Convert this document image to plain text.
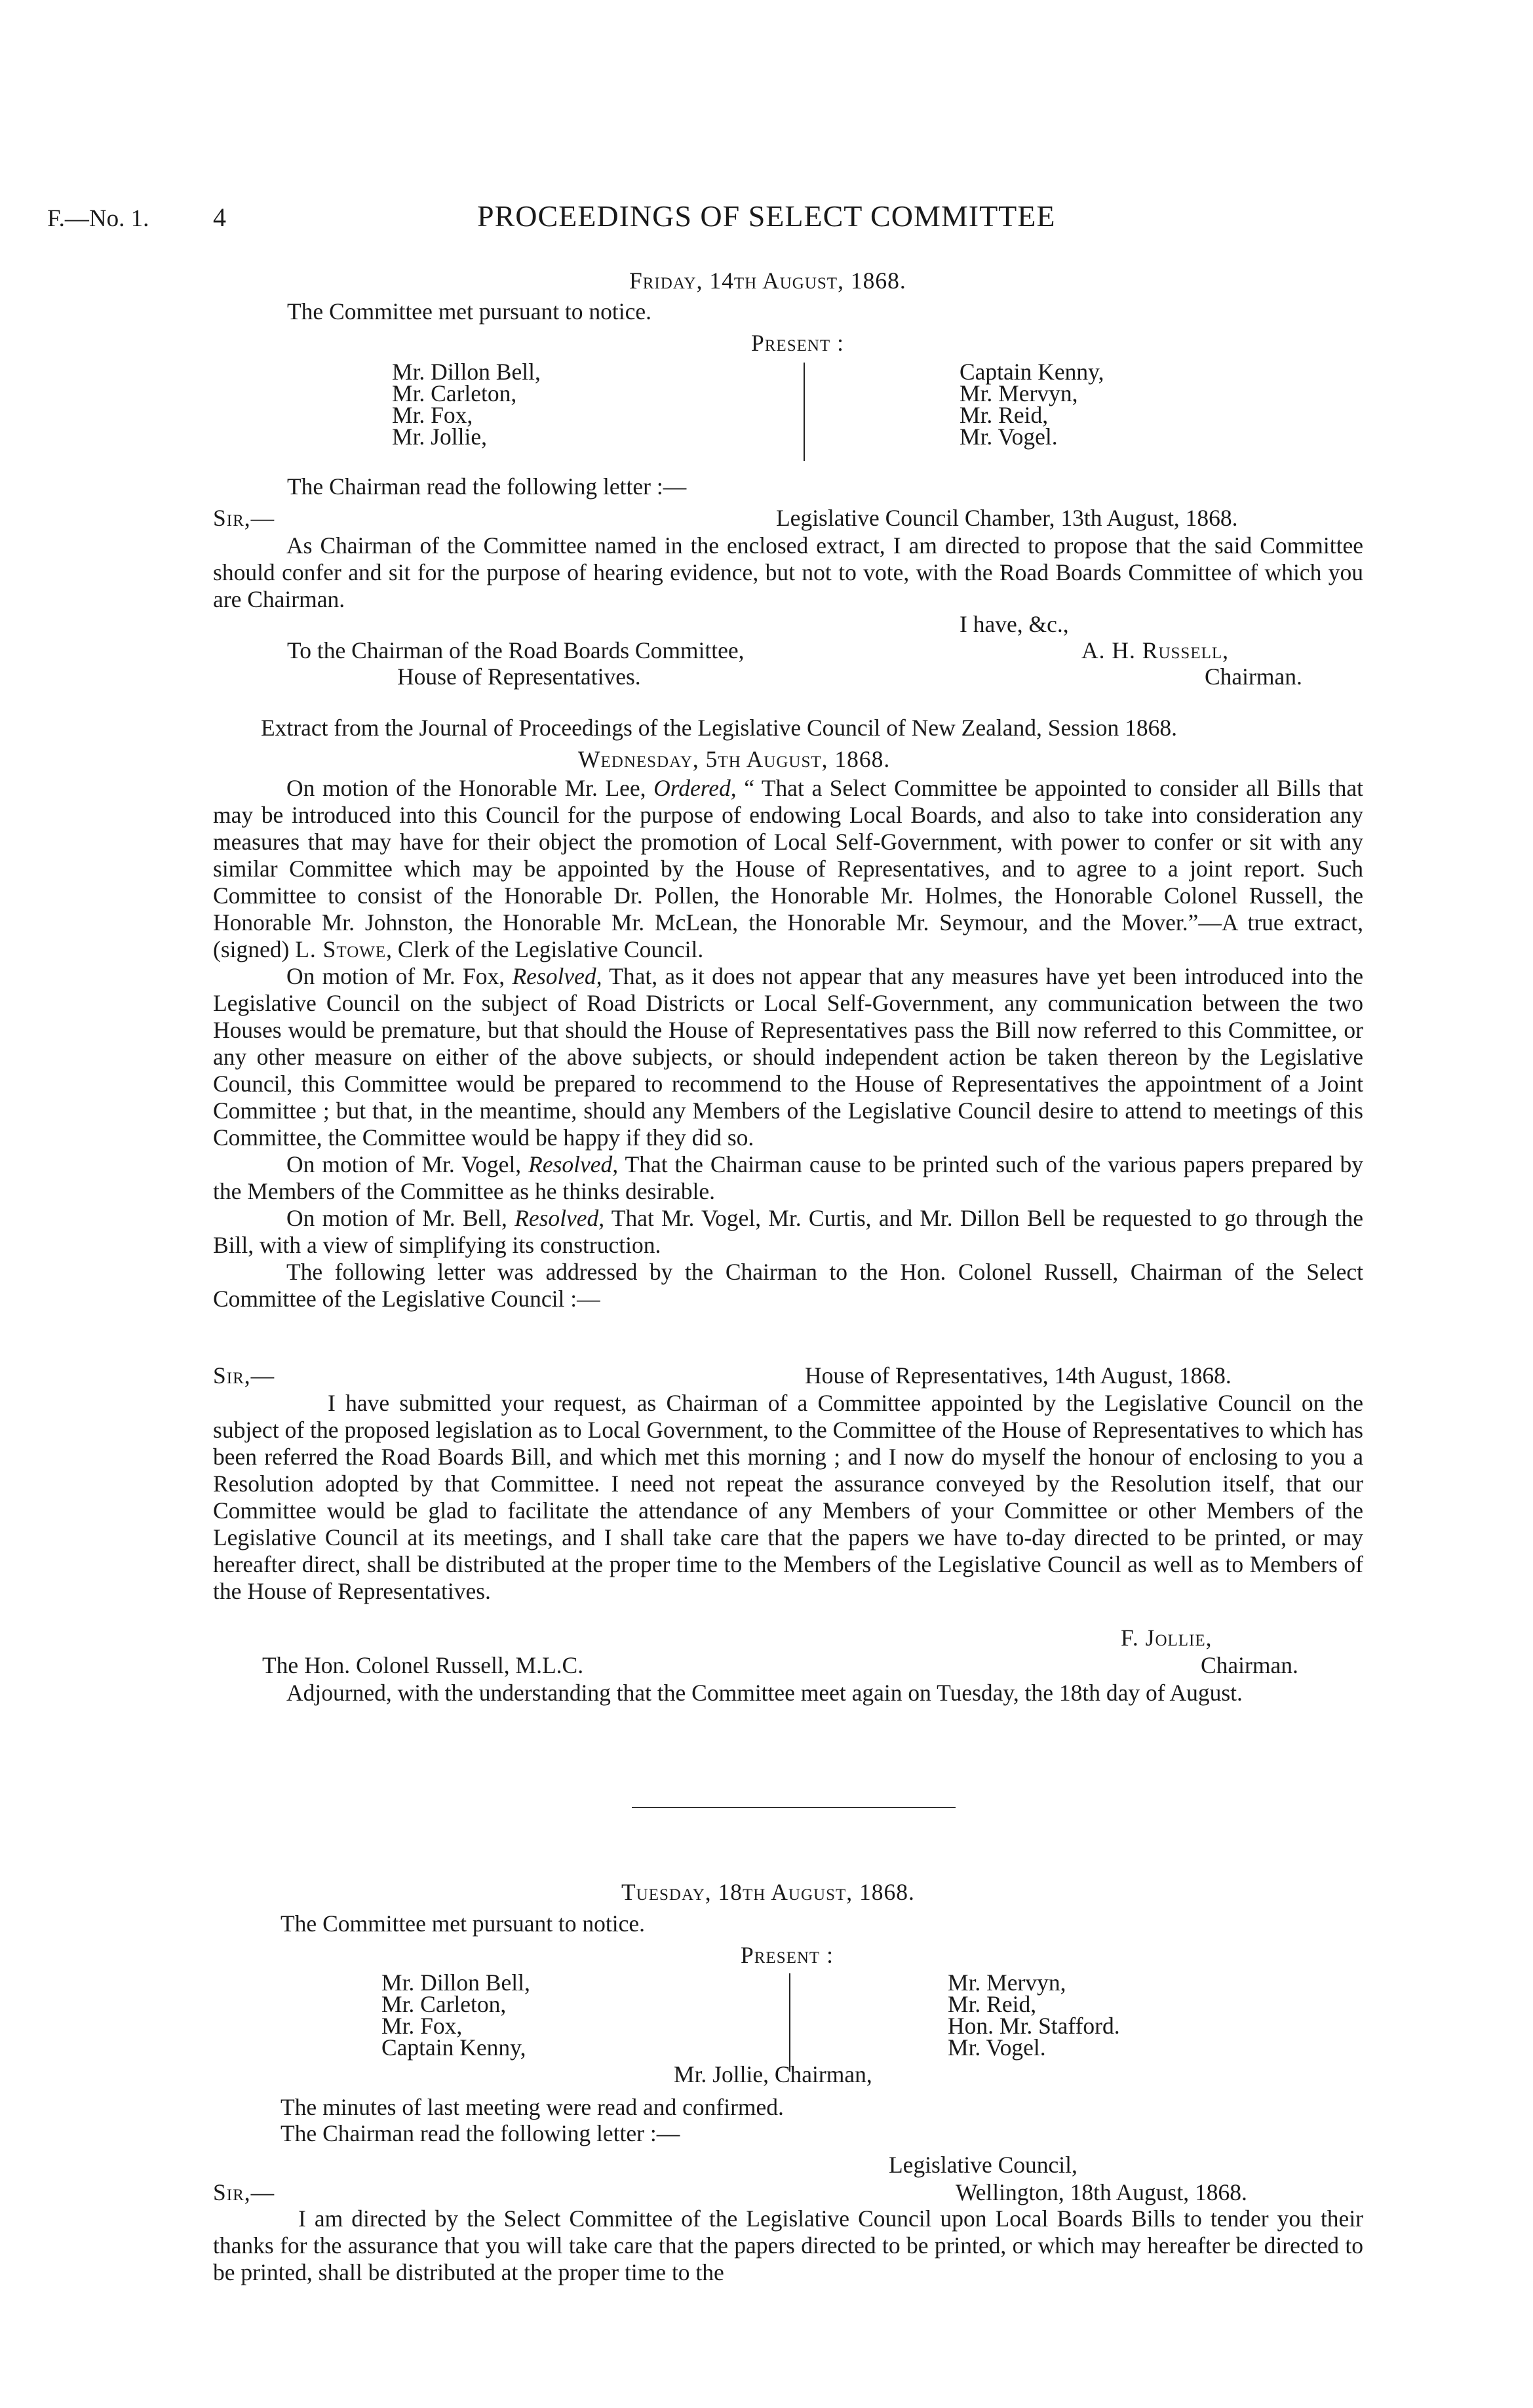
F.—No. 1. 4	PROCEEDINGS OF SELECT COMMITTEE
Friday, 14th August, 1868.
The Committee met pursuant to notice.
Present :
Mr. Dillon Bell,
Mr. Carleton,
Mr. Fox,
Mr. Jollie,
Captain Kenny,
Mr. Mervyn,
Mr. Reid,
Mr. Vogel.
The Chairman read the following letter :—
Sir,—	Legislative Council Chamber, 13th August, 1868.

As Chairman of the Committee named in the enclosed extract, I am directed to propose that the said Committee should confer and sit for the purpose of hearing evidence, but not to vote, with the Road Boards Committee of which you are Chairman.

I have, &c.,
To the Chairman of the Road Boards Committee,	A. H. Russell,
House of Representatives.	Chairman.
Extract from the Journal of Proceedings of the Legislative Council of New Zealand, Session 1868.
Wednesday, 5th August, 1868.

On motion of the Honorable Mr. Lee, Ordered, “ That a Select Committee be appointed to consider all Bills that may be introduced into this Council for the purpose of endowing Local Boards, and also to take into consideration any measures that may have for their object the promotion of Local Self-Government, with power to confer or sit with any similar Committee which may be appointed by the House of Representatives, and to agree to a joint report. Such Committee to consist of the Honorable Dr. Pollen, the Honorable Mr. Holmes, the Honorable Colonel Russell, the Honorable Mr. Johnston, the Honorable Mr. McLean, the Honorable Mr. Seymour, and the Mover.”—A true extract, (signed) L. Stowe, Clerk of the Legislative Council.

On motion of Mr. Fox, Resolved, That, as it does not appear that any measures have yet been introduced into the Legislative Council on the subject of Road Districts or Local Self-Government, any communication between the two Houses would be premature, but that should the House of Representatives pass the Bill now referred to this Committee, or any other measure on either of the above subjects, or should independent action be taken thereon by the Legislative Council, this Committee would be prepared to recommend to the House of Representatives the appointment of a Joint Committee ; but that, in the meantime, should any Members of the Legislative Council desire to attend to meetings of this Committee, the Committee would be happy if they did so.

On motion of Mr. Vogel, Resolved, That the Chairman cause to be printed such of the various papers prepared by the Members of the Committee as he thinks desirable.

On motion of Mr. Bell, Resolved, That Mr. Vogel, Mr. Curtis, and Mr. Dillon Bell be requested to go through the Bill, with a view of simplifying its construction.

The following letter was addressed by the Chairman to the Hon. Colonel Russell, Chairman of the Select Committee of the Legislative Council :—

Sir,—	House of Representatives, 14th August, 1868.

I have submitted your request, as Chairman of a Committee appointed by the Legislative Council on the subject of the proposed legislation as to Local Government, to the Committee of the House of Representatives to which has been referred the Road Boards Bill, and which met this morning ; and I now do myself the honour of enclosing to you a Resolution adopted by that Committee. I need not repeat the assurance conveyed by the Resolution itself, that our Committee would be glad to facilitate the attendance of any Members of your Committee or other Members of the Legislative Council at its meetings, and I shall take care that the papers we have to-day directed to be printed, or may hereafter direct, shall be distributed at the proper time to the Members of the Legislative Council as well as to Members of the House of Representatives.

F. Jollie,
The Hon. Colonel Russell, M.L.C.	Chairman.

Adjourned, with the understanding that the Committee meet again on Tuesday, the 18th day of August.

Tuesday, 18th August, 1868.
The Committee met pursuant to notice.
Present :
Mr. Dillon Bell,
Mr. Carleton,
Mr. Fox,
Captain Kenny,
Mr. Mervyn,
Mr. Reid,
Hon. Mr. Stafford.
Mr. Vogel.
Mr. Jollie, Chairman,
The minutes of last meeting were read and confirmed.
The Chairman read the following letter :—
Legislative Council,
Sir,—	Wellington, 18th August, 1868.

I am directed by the Select Committee of the Legislative Council upon Local Boards Bills to tender you their thanks for the assurance that you will take care that the papers directed to be printed, or which may hereafter be directed to be printed, shall be distributed at the proper time to the
